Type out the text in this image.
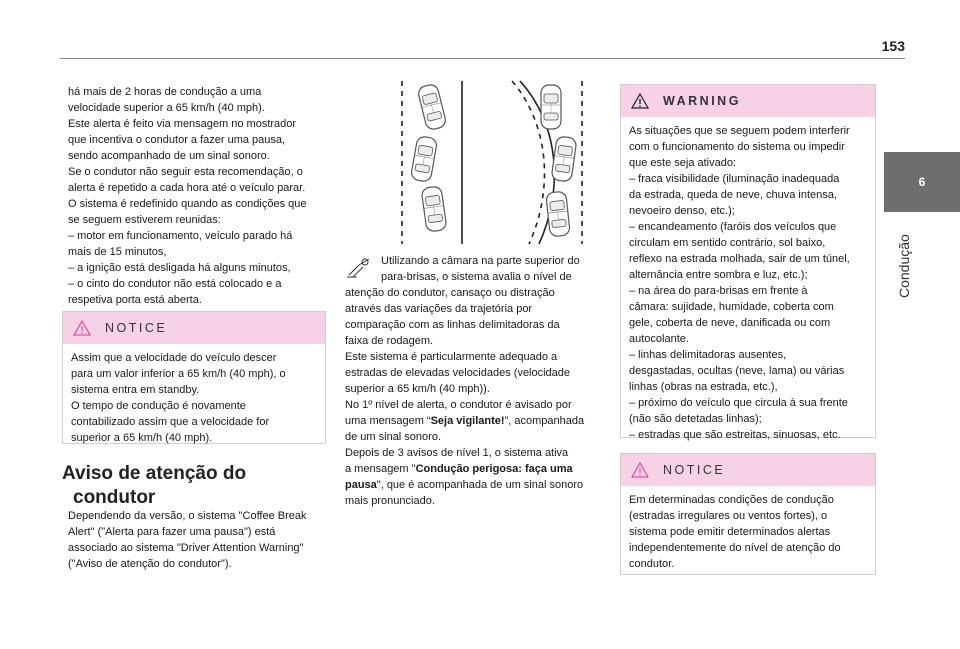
153
6
Condução
há mais de 2 horas de condução a uma
velocidade superior a 65 km/h (40 mph).
Este alerta é feito via mensagem no mostrador
que incentiva o condutor a fazer uma pausa,
sendo acompanhado de um sinal sonoro.
Se o condutor não seguir esta recomendação, o
alerta é repetido a cada hora até o veículo parar.
O sistema é redefinido quando as condições que
se seguem estiverem reunidas:
– motor em funcionamento, veículo parado há
mais de 15 minutos,
– a ignição está desligada há alguns minutos,
– o cinto do condutor não está colocado e a
respetiva porta está aberta.
NOTICE
Assim que a velocidade do veículo descer
para um valor inferior a 65 km/h (40 mph), o
sistema entra em standby.
O tempo de condução é novamente
contabilizado assim que a velocidade for
superior a 65 km/h (40 mph).
Aviso de atenção do
condutor
Dependendo da versão, o sistema "Coffee Break
Alert" ("Alerta para fazer uma pausa") está
associado ao sistema "Driver Attention Warning"
("Aviso de atenção do condutor").
Utilizando a câmara na parte superior do
para-brisas, o sistema avalia o nível de
atenção do condutor, cansaço ou distração
através das variações da trajetória por
comparação com as linhas delimitadoras da
faixa de rodagem.
Este sistema é particularmente adequado a
estradas de elevadas velocidades (velocidade
superior a 65 km/h (40 mph)).
No 1º nível de alerta, o condutor é avisado por
uma mensagem “Seja vigilante!”, acompanhada
de um sinal sonoro.
Depois de 3 avisos de nível 1, o sistema ativa
a mensagem "Condução perigosa: faça uma
pausa", que é acompanhada de um sinal sonoro
mais pronunciado.
WARNING
As situações que se seguem podem interferir
com o funcionamento do sistema ou impedir
que este seja ativado:
– fraca visibilidade (iluminação inadequada
da estrada, queda de neve, chuva intensa,
nevoeiro denso, etc.);
– encandeamento (faróis dos veículos que
circulam em sentido contrário, sol baixo,
reflexo na estrada molhada, sair de um túnel,
alternância entre sombra e luz, etc.);
– na área do para-brisas em frente à
câmara: sujidade, humidade, coberta com
gele, coberta de neve, danificada ou com
autocolante.
– linhas delimitadoras ausentes,
desgastadas, ocultas (neve, lama) ou várias
linhas (obras na estrada, etc.),
– próximo do veículo que circula à sua frente
(não são detetadas linhas);
– estradas que são estreitas, sinuosas, etc.
NOTICE
Em determinadas condições de condução
(estradas irregulares ou ventos fortes), o
sistema pode emitir determinados alertas
independentemente do nível de atenção do
condutor.
